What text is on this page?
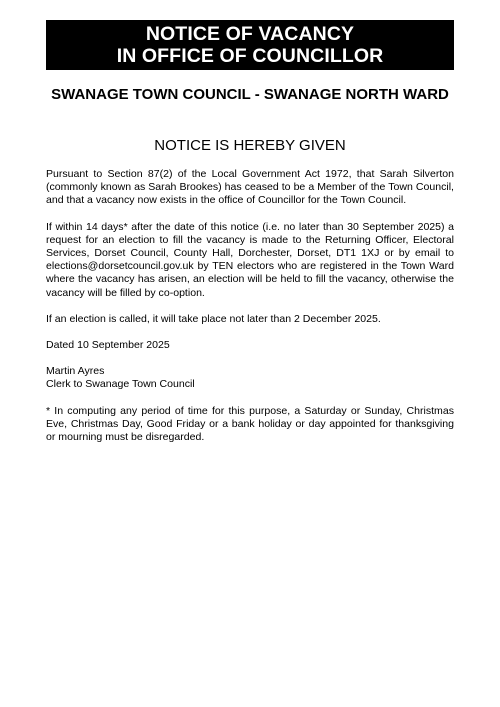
NOTICE OF VACANCY
IN OFFICE OF COUNCILLOR
SWANAGE TOWN COUNCIL - SWANAGE NORTH WARD
NOTICE IS HEREBY GIVEN

Pursuant to Section 87(2) of the Local Government Act 1972, that Sarah Silverton (commonly known as Sarah Brookes) has ceased to be a Member of the Town Council, and that a vacancy now exists in the office of Councillor for the Town Council.

If within 14 days* after the date of this notice (i.e. no later than 30 September 2025) a request for an election to fill the vacancy is made to the Returning Officer, Electoral Services, Dorset Council, County Hall, Dorchester, Dorset, DT1 1XJ or by email to elections@dorsetcouncil.gov.uk by TEN electors who are registered in the Town Ward where the vacancy has arisen, an election will be held to fill the vacancy, otherwise the vacancy will be filled by co-option.

If an election is called, it will take place not later than 2 December 2025.

Dated 10 September 2025

Martin Ayres
Clerk to Swanage Town Council

* In computing any period of time for this purpose, a Saturday or Sunday, Christmas Eve, Christmas Day, Good Friday or a bank holiday or day appointed for thanksgiving or mourning must be disregarded.
